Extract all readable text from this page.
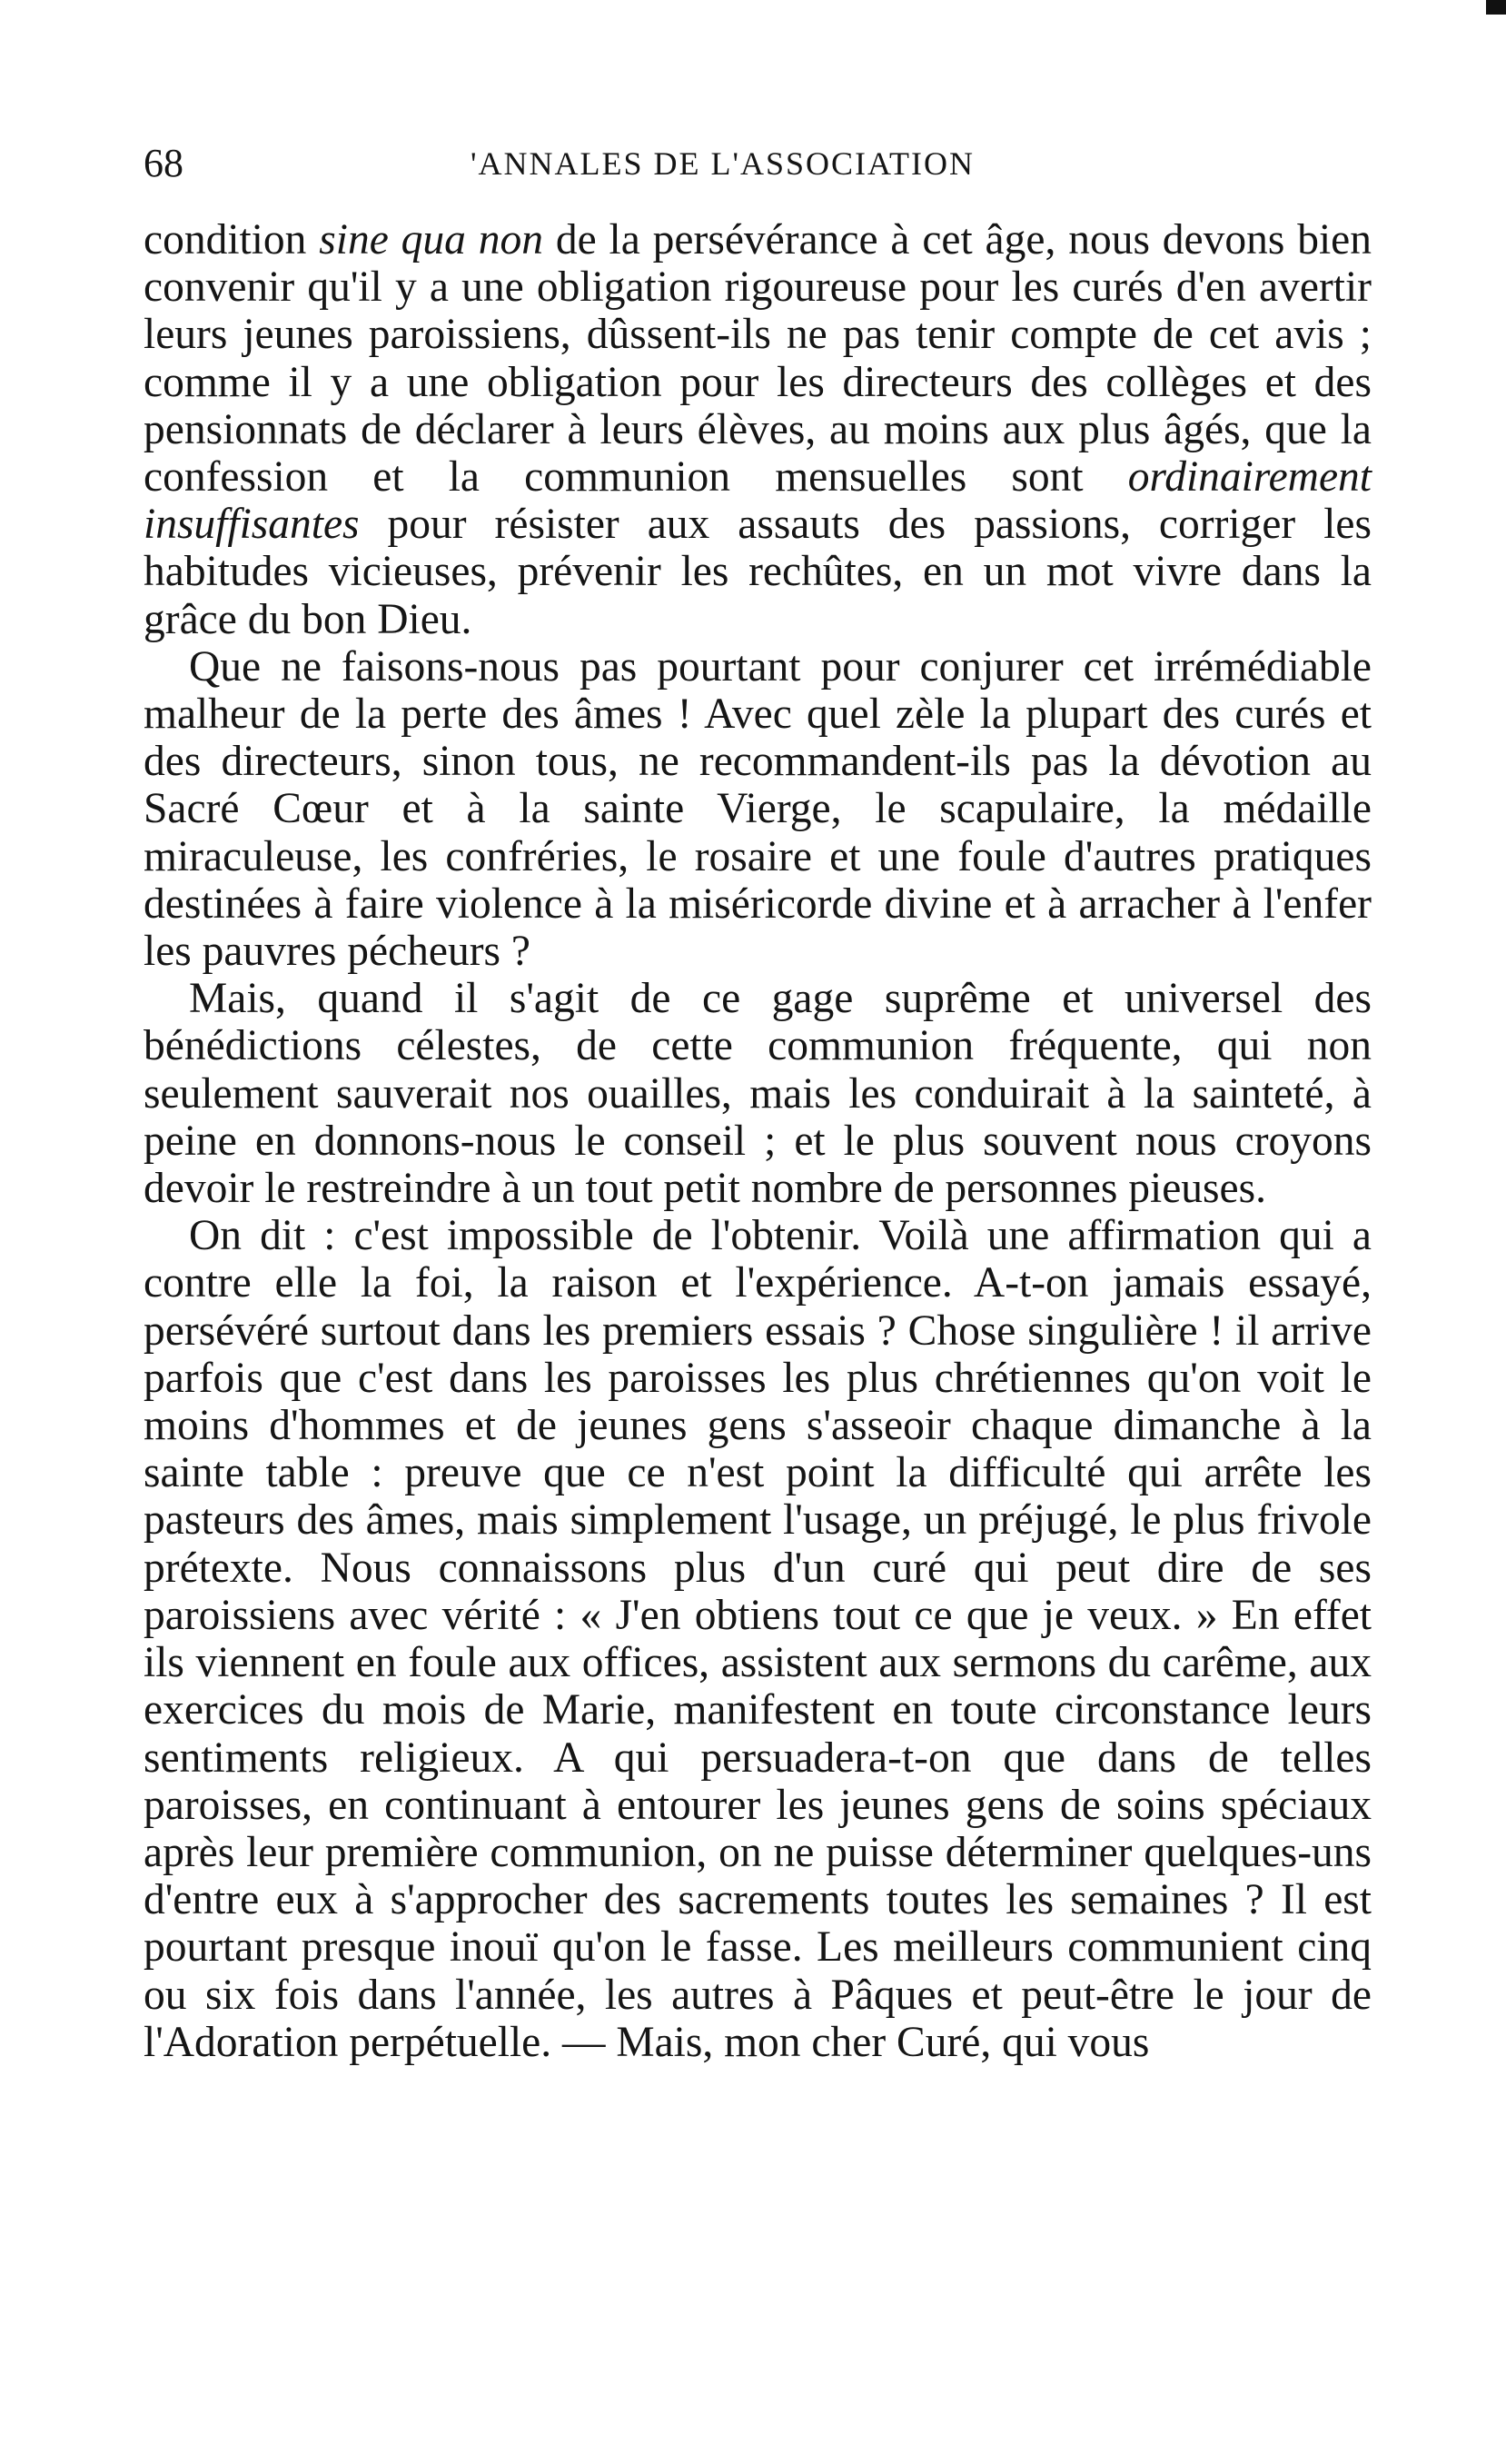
68	'ANNALES DE L'ASSOCIATION

condition sine qua non de la persévérance à cet âge, nous devons bien convenir qu'il y a une obligation rigoureuse pour les curés d'en avertir leurs jeunes paroissiens, dûssent-ils ne pas tenir compte de cet avis ; comme il y a une obligation pour les directeurs des collèges et des pensionnats de déclarer à leurs élèves, au moins aux plus âgés, que la confession et la communion mensuelles sont ordinairement insuffisantes pour résister aux assauts des passions, corriger les habitudes vicieuses, prévenir les rechûtes, en un mot vivre dans la grâce du bon Dieu.

Que ne faisons-nous pas pourtant pour conjurer cet irrémédiable malheur de la perte des âmes ! Avec quel zèle la plupart des curés et des directeurs, sinon tous, ne recommandent-ils pas la dévotion au Sacré Cœur et à la sainte Vierge, le scapulaire, la médaille miraculeuse, les confréries, le rosaire et une foule d'autres pratiques destinées à faire violence à la miséricorde divine et à arracher à l'enfer les pauvres pécheurs ?

Mais, quand il s'agit de ce gage suprême et universel des bénédictions célestes, de cette communion fréquente, qui non seulement sauverait nos ouailles, mais les conduirait à la sainteté, à peine en donnons-nous le conseil ; et le plus souvent nous croyons devoir le restreindre à un tout petit nombre de personnes pieuses.

On dit : c'est impossible de l'obtenir. Voilà une affirmation qui a contre elle la foi, la raison et l'expérience. A-t-on jamais essayé, persévéré surtout dans les premiers essais ? Chose singulière ! il arrive parfois que c'est dans les paroisses les plus chrétiennes qu'on voit le moins d'hommes et de jeunes gens s'asseoir chaque dimanche à la sainte table : preuve que ce n'est point la difficulté qui arrête les pasteurs des âmes, mais simplement l'usage, un préjugé, le plus frivole prétexte. Nous connaissons plus d'un curé qui peut dire de ses paroissiens avec vérité : « J'en obtiens tout ce que je veux. » En effet ils viennent en foule aux offices, assistent aux sermons du carême, aux exercices du mois de Marie, manifestent en toute circonstance leurs sentiments religieux. A qui persuadera-t-on que dans de telles paroisses, en continuant à entourer les jeunes gens de soins spéciaux après leur première communion, on ne puisse déterminer quelques-uns d'entre eux à s'approcher des sacrements toutes les semaines ? Il est pourtant presque inouï qu'on le fasse. Les meilleurs communient cinq ou six fois dans l'année, les autres à Pâques et peut-être le jour de l'Adoration perpétuelle. — Mais, mon cher Curé, qui vous
